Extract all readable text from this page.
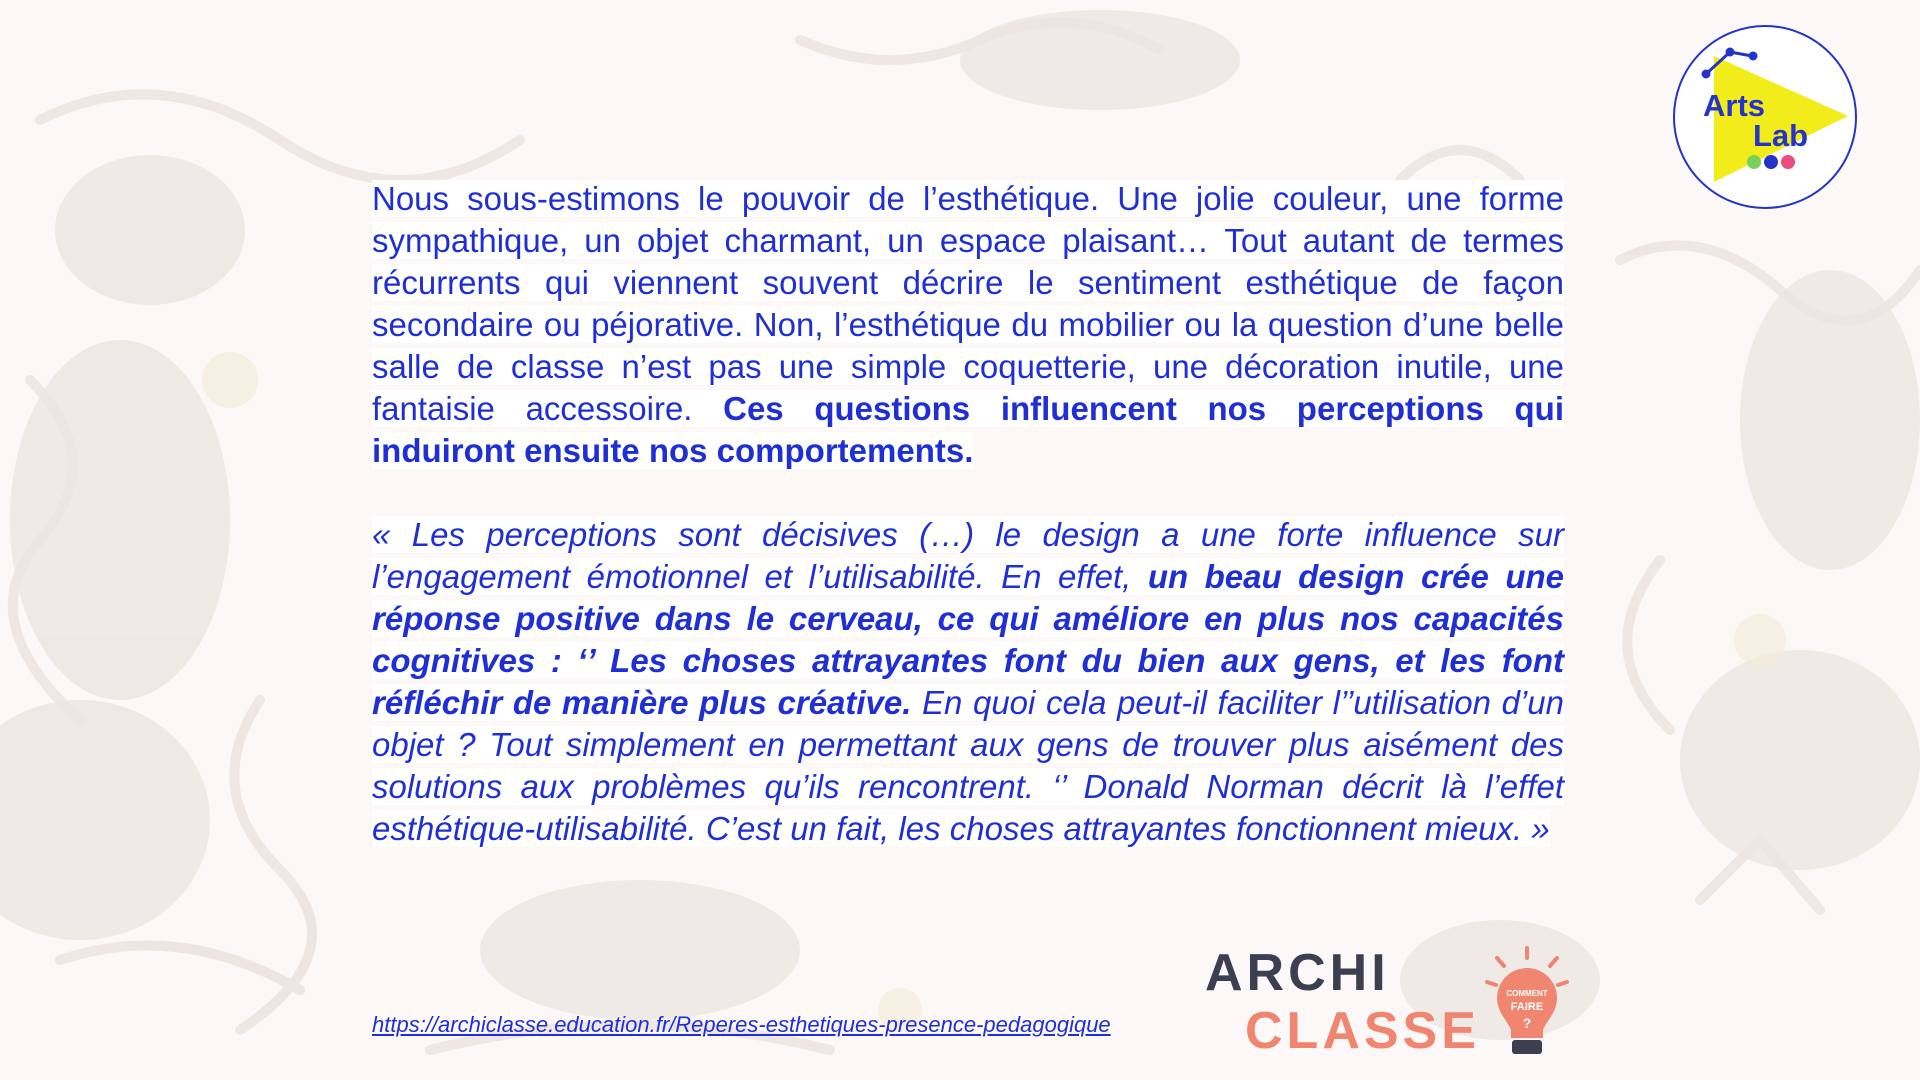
Nous sous-estimons le pouvoir de l’esthétique. Une jolie couleur, une forme sympathique, un objet charmant, un espace plaisant… Tout autant de termes récurrents qui viennent souvent décrire le sentiment esthétique de façon secondaire ou péjorative. Non, l’esthétique du mobilier ou la question d’une belle salle de classe n’est pas une simple coquetterie, une décoration inutile, une fantaisie accessoire. Ces questions influencent nos perceptions qui induiront ensuite nos comportements.

« Les perceptions sont décisives (…) le design a une forte influence sur l’engagement émotionnel et l’utilisabilité. En effet, un beau design crée une réponse positive dans le cerveau, ce qui améliore en plus nos capacités cognitives : ‘’ Les choses attrayantes font du bien aux gens, et les font réfléchir de manière plus créative. En quoi cela peut-il faciliter l’’utilisation d’un objet ? Tout simplement en permettant aux gens de trouver plus aisément des solutions aux problèmes qu’ils rencontrent. ‘’ Donald Norman décrit là l’effet esthétique-utilisabilité. C’est un fait, les choses attrayantes fonctionnent mieux. »

https://archiclasse.education.fr/Reperes-esthetiques-presence-pedagogique
Arts
Lab
ARCHI
CLASSE
COMMENT
FAIRE
?
